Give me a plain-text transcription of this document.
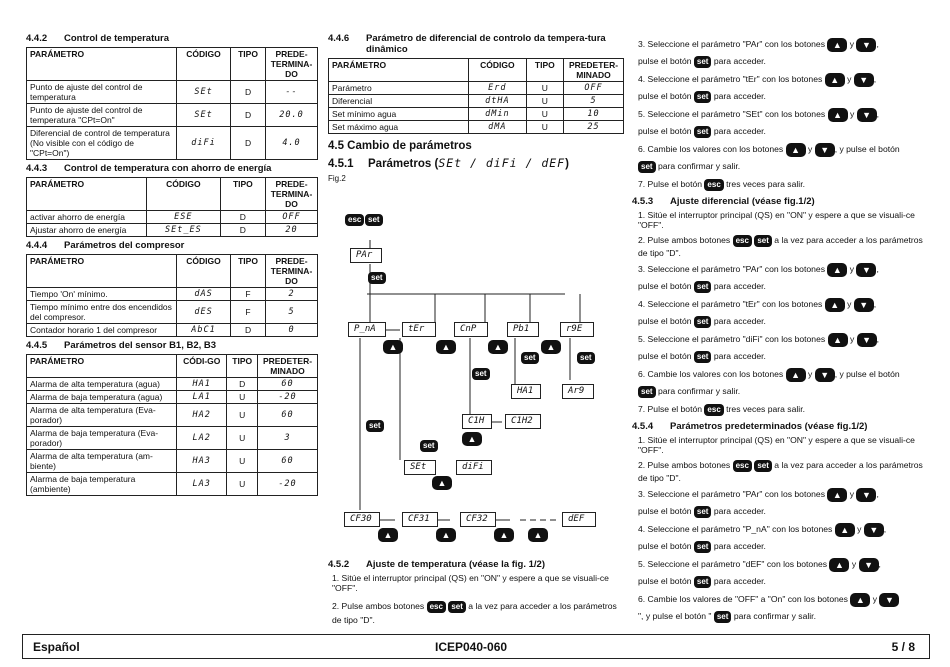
4.4.2 Control de temperatura
PARÁMETRO	CÓDIGO	TIPO	PREDE-TERMINA-DO
Punto de ajuste del control de temperatura	SEt	D	--
Punto de ajuste del control de temperatura "CPt=On"	SEt	D	20.0
Diferencial de control de temperatura (No visible con el código de "CPt=On")	diFi	D	4.0
4.4.3 Control de temperatura con ahorro de energía
PARÁMETRO	CÓDIGO	TIPO	PREDE-TERMINA-DO
activar ahorro de energía	ESE	D	OFF
Ajustar ahorro de energía	SEt_ES	D	20
4.4.4 Parámetros del compresor
PARÁMETRO	CÓDIGO	TIPO	PREDE-TERMINA-DO
Tiempo 'On' mínimo.	dAS	F	2
Tiempo mínimo entre dos encendidos del compresor.	dES	F	5
Contador horario 1 del compresor	AbC1	D	0
4.4.5 Parámetros del sensor B1, B2, B3
PARÁMETRO	CÓDI-GO	TIPO	PREDETER-MINADO
Alarma de alta temperatura (agua)	HA1	D	60
Alarma de baja temperatura (agua)	LA1	U	-20
Alarma de alta temperatura (Eva-porador)	HA2	U	60
Alarma de baja temperatura (Eva-porador)	LA2	U	3
Alarma de alta temperatura (am-biente)	HA3	U	60
Alarma de baja temperatura (ambiente)	LA3	U	-20
4.4.6	Parámetro de diferencial de controlo da tempera-tura dinâmico
PARÁMETRO	CÓDIGO	TIPO	PREDETER-MINADO
Parámetro	Erd	U	OFF
Diferencial	dtHA	U	5
Set mínimo agua	dMin	U	10
Set máximo agua	dMA	U	25
4.5 Cambio de parámetros
4.5.1 Parámetros (SEt / diFi / dEF)
Fig.2
esc set
PAr
set
P_nA	tEr	CnP	Pb1	r9E
▲	▲	▲	▲
set
set	set
HA1	Ar9
C1H	C1H2
▲
set
set
SEt	diFi
▲
CF30	CF31	CF32	dEF
▲	▲	▲	▲
4.5.2 Ajuste de temperatura (véase la fig. 1/2)
1. Sitúe el interruptor principal (QS) en "ON" y espere a que se visuali-ce "OFF".
2. Pulse ambos botones esc set a la vez para acceder a los parámetros de tipo "D".
3. Seleccione el parámetro "PAr" con los botones ▲ y ▼ ,
pulse el botón set para acceder.
4. Seleccione el parámetro "tEr" con los botones ▲ y ▼ ,
pulse el botón set para acceder.
5. Seleccione el parámetro "SEt" con los botones ▲ y ▼ ,
pulse el botón set para acceder.
6. Cambie los valores con los botones ▲ y ▼ , y pulse el botón
set para confirmar y salir.
7. Pulse el botón esc tres veces para salir.
4.5.3 Ajuste diferencial (véase fig.1/2)
1. Sitúe el interruptor principal (QS) en "ON" y espere a que se visuali-ce "OFF".
2. Pulse ambos botones esc set a la vez para acceder a los parámetros de tipo "D".
3. Seleccione el parámetro "PAr" con los botones ▲ y ▼ ,
pulse el botón set para acceder.
4. Seleccione el parámetro "tEr" con los botones ▲ y ▼ ,
pulse el botón set para acceder.
5. Seleccione el parámetro "diFi" con los botones ▲ y ▼ ,
pulse el botón set para acceder.
6. Cambie los valores con los botones ▲ y ▼ , y pulse el botón
set para confirmar y salir.
7. Pulse el botón esc tres veces para salir.
4.5.4 Parámetros predeterminados (véase fig.1/2)
1. Sitúe el interruptor principal (QS) en "ON" y espere a que se visuali-ce "OFF".
2. Pulse ambos botones esc set a la vez para acceder a los parámetros de tipo "D".
3. Seleccione el parámetro "PAr" con los botones ▲ y ▼ ,
pulse el botón set para acceder.
4. Seleccione el parámetro "P_nA" con los botones ▲ y ▼ ,
pulse el botón set para acceder.
5. Seleccione el parámetro "dEF" con los botones ▲ y ▼ ,
pulse el botón set para acceder.
6. Cambie los valores de "OFF" a "On" con los botones ▲ y ▼
", y pulse el botón " set para confirmar y salir.
Español	ICEP040-060	5 / 8
